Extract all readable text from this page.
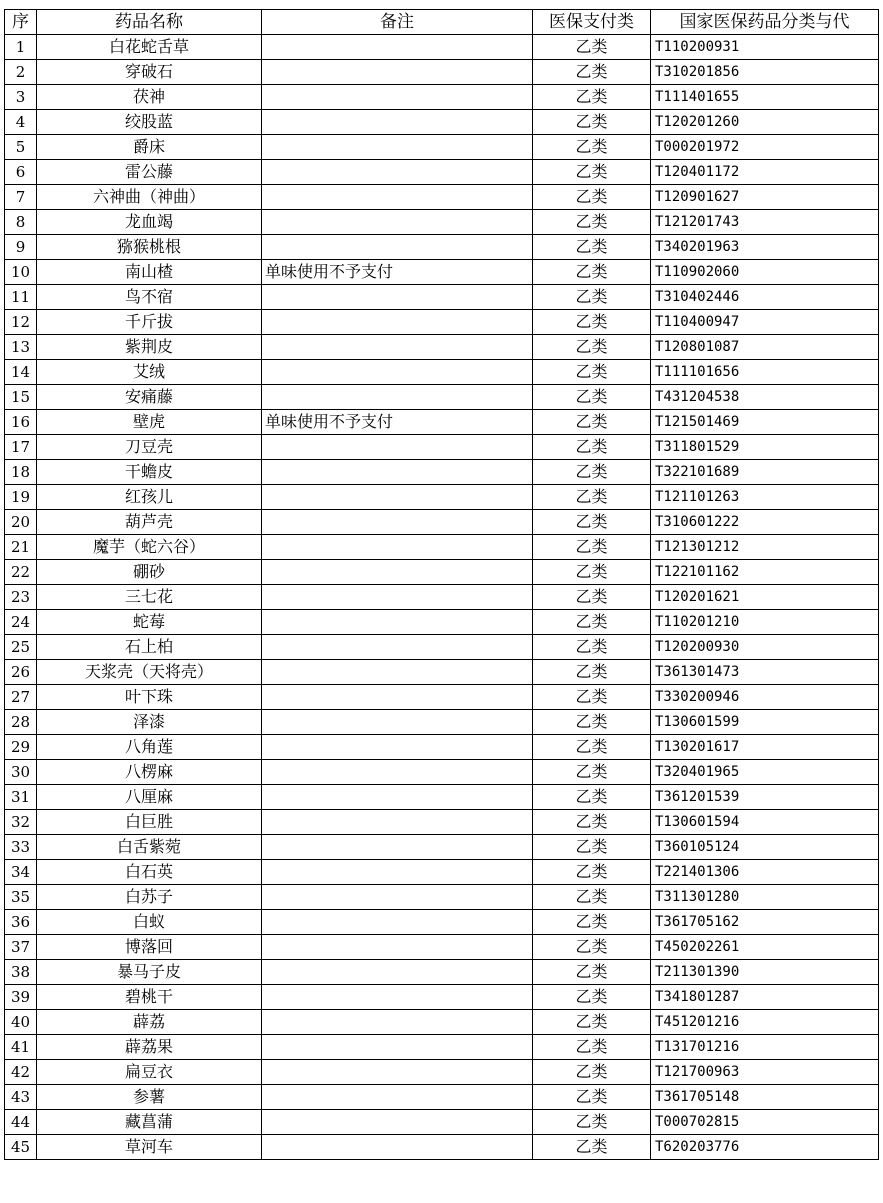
序	药品名称	备注	医保支付类	国家医保药品分类与代
1	白花蛇舌草		乙类	T110200931
2	穿破石		乙类	T310201856
3	茯神		乙类	T111401655
4	绞股蓝		乙类	T120201260
5	爵床		乙类	T000201972
6	雷公藤		乙类	T120401172
7	六神曲（神曲）		乙类	T120901627
8	龙血竭		乙类	T121201743
9	猕猴桃根		乙类	T340201963
10	南山楂	单味使用不予支付	乙类	T110902060
11	鸟不宿		乙类	T310402446
12	千斤拔		乙类	T110400947
13	紫荆皮		乙类	T120801087
14	艾绒		乙类	T111101656
15	安痛藤		乙类	T431204538
16	壁虎	单味使用不予支付	乙类	T121501469
17	刀豆壳		乙类	T311801529
18	干蟾皮		乙类	T322101689
19	红孩儿		乙类	T121101263
20	葫芦壳		乙类	T310601222
21	魔芋（蛇六谷）		乙类	T121301212
22	硼砂		乙类	T122101162
23	三七花		乙类	T120201621
24	蛇莓		乙类	T110201210
25	石上柏		乙类	T120200930
26	天浆壳（天将壳）		乙类	T361301473
27	叶下珠		乙类	T330200946
28	泽漆		乙类	T130601599
29	八角莲		乙类	T130201617
30	八楞麻		乙类	T320401965
31	八厘麻		乙类	T361201539
32	白巨胜		乙类	T130601594
33	白舌紫菀		乙类	T360105124
34	白石英		乙类	T221401306
35	白苏子		乙类	T311301280
36	白蚁		乙类	T361705162
37	博落回		乙类	T450202261
38	暴马子皮		乙类	T211301390
39	碧桃干		乙类	T341801287
40	薜荔		乙类	T451201216
41	薜荔果		乙类	T131701216
42	扁豆衣		乙类	T121700963
43	参薯		乙类	T361705148
44	藏菖蒲		乙类	T000702815
45	草河车		乙类	T620203776
